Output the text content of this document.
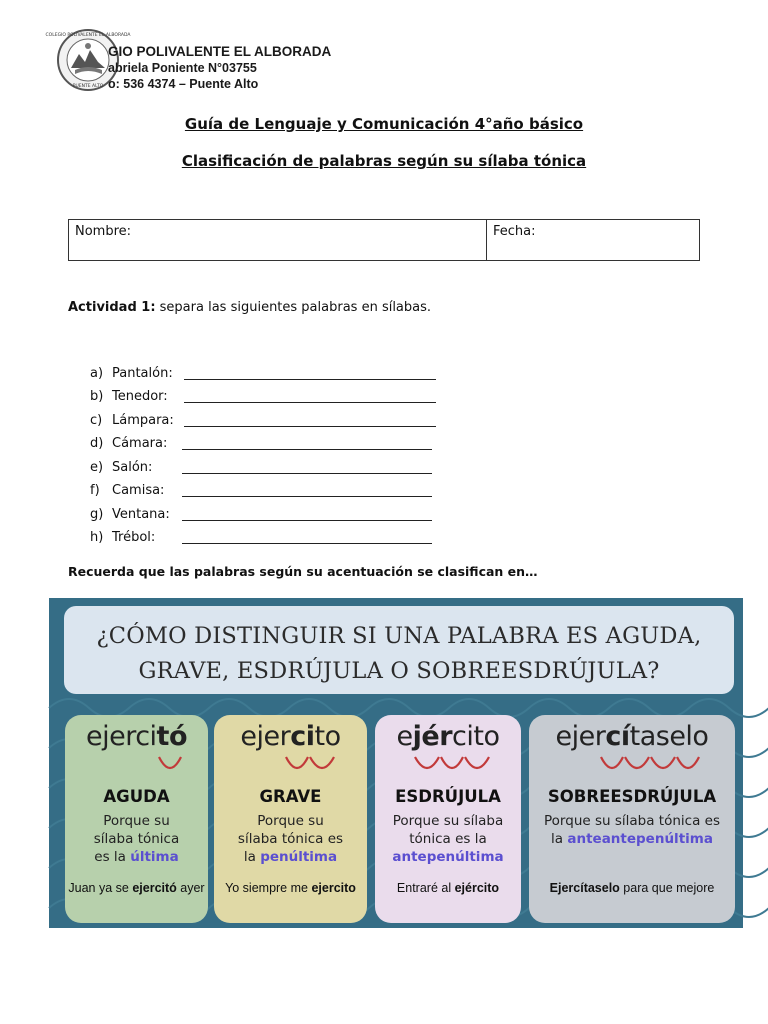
COLEGIO POLIVALENTE EL ALBORADA
PUENTE ALTO
GIO POLIVALENTE EL ALBORADA
abriela Poniente N°03755
o: 536 4374 – Puente Alto
Guía de Lenguaje y Comunicación 4°año básico
Clasificación de palabras según su sílaba tónica
Nombre:	Fecha:
Actividad 1: separa las siguientes palabras en sílabas.
a) Pantalón:
b) Tenedor:
c) Lámpara:
d) Cámara:
e) Salón:
f) Camisa:
g) Ventana:
h) Trébol:
Recuerda que las palabras según su acentuación se clasifican en…
¿CÓMO DISTINGUIR SI UNA PALABRA ES AGUDA,
GRAVE, ESDRÚJULA O SOBREESDRÚJULA?
ejercitó
AGUDA
Porque su
sílaba tónica
es la última
Juan ya se ejercitó ayer
ejercito
GRAVE
Porque su
sílaba tónica es
la penúltima
Yo siempre me ejercito
ejército
ESDRÚJULA
Porque su sílaba
tónica es la
antepenúltima
Entraré al ejército
ejercítaselo
SOBREESDRÚJULA
Porque su sílaba tónica es
la anteantepenúltima
Ejercítaselo para que mejore
